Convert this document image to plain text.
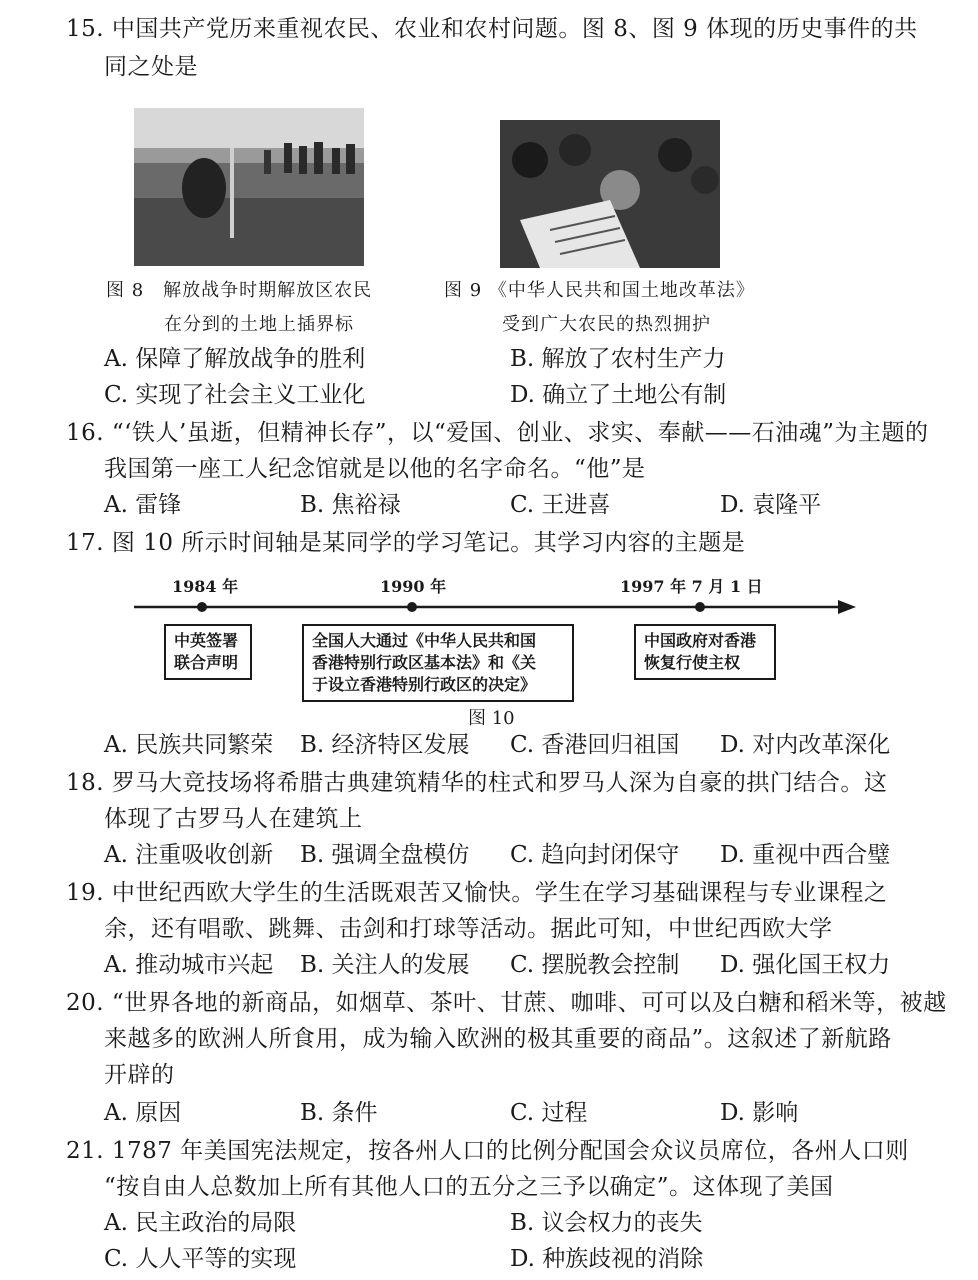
15. 中国共产党历来重视农民、农业和农村问题。图 8、图 9 体现的历史事件的共
同之处是
图 8　解放战争时期解放区农民
在分到的土地上插界标
图 9 《中华人民共和国土地改革法》
受到广大农民的热烈拥护
A. 保障了解放战争的胜利	B. 解放了农村生产力
C. 实现了社会主义工业化	D. 确立了土地公有制
16. “‘铁人’虽逝，但精神长存”，以“爱国、创业、求实、奉献——石油魂”为主题的
我国第一座工人纪念馆就是以他的名字命名。“他”是
A. 雷锋	B. 焦裕禄	C. 王进喜	D. 袁隆平
17. 图 10 所示时间轴是某同学的学习笔记。其学习内容的主题是
1984 年	1990 年	1997 年 7 月 1 日
中英签署
联合声明
全国人大通过《中华人民共和国
香港特别行政区基本法》和《关
于设立香港特别行政区的决定》
中国政府对香港
恢复行使主权
图 10
A. 民族共同繁荣 B. 经济特区发展 C. 香港回归祖国 D. 对内改革深化
18. 罗马大竞技场将希腊古典建筑精华的柱式和罗马人深为自豪的拱门结合。这
体现了古罗马人在建筑上
A. 注重吸收创新 B. 强调全盘模仿 C. 趋向封闭保守 D. 重视中西合璧
19. 中世纪西欧大学生的生活既艰苦又愉快。学生在学习基础课程与专业课程之
余，还有唱歌、跳舞、击剑和打球等活动。据此可知，中世纪西欧大学
A. 推动城市兴起 B. 关注人的发展 C. 摆脱教会控制 D. 强化国王权力
20. “世界各地的新商品，如烟草、茶叶、甘蔗、咖啡、可可以及白糖和稻米等，被越
来越多的欧洲人所食用，成为输入欧洲的极其重要的商品”。这叙述了新航路
开辟的
A. 原因	B. 条件	C. 过程	D. 影响
21. 1787 年美国宪法规定，按各州人口的比例分配国会众议员席位，各州人口则
“按自由人总数加上所有其他人口的五分之三予以确定”。这体现了美国
A. 民主政治的局限	B. 议会权力的丧失
C. 人人平等的实现	D. 种族歧视的消除
